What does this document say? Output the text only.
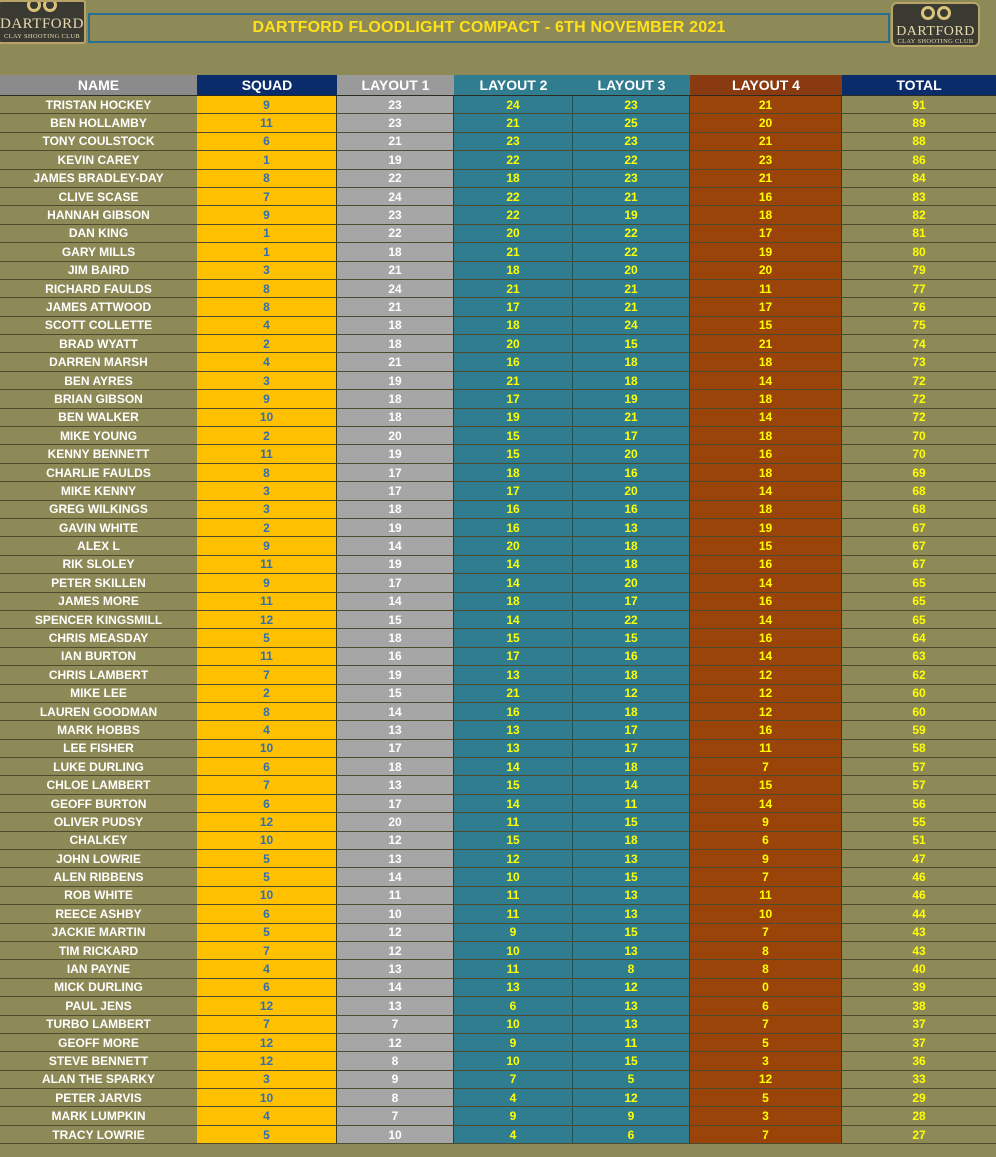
DARTFORD
CLAY SHOOTING CLUB
DARTFORD FLOODLIGHT COMPACT - 6TH NOVEMBER 2021	DARTFORD
CLAY SHOOTING CLUB
NAME	SQUAD	LAYOUT 1	LAYOUT 2	LAYOUT 3	LAYOUT 4	TOTAL
TRISTAN HOCKEY	9	23	24	23	21	91
BEN HOLLAMBY	11	23	21	25	20	89
TONY COULSTOCK	6	21	23	23	21	88
KEVIN CAREY	1	19	22	22	23	86
JAMES BRADLEY-DAY	8	22	18	23	21	84
CLIVE SCASE	7	24	22	21	16	83
HANNAH GIBSON	9	23	22	19	18	82
DAN KING	1	22	20	22	17	81
GARY MILLS	1	18	21	22	19	80
JIM BAIRD	3	21	18	20	20	79
RICHARD FAULDS	8	24	21	21	11	77
JAMES ATTWOOD	8	21	17	21	17	76
SCOTT COLLETTE	4	18	18	24	15	75
BRAD WYATT	2	18	20	15	21	74
DARREN MARSH	4	21	16	18	18	73
BEN AYRES	3	19	21	18	14	72
BRIAN GIBSON	9	18	17	19	18	72
BEN WALKER	10	18	19	21	14	72
MIKE YOUNG	2	20	15	17	18	70
KENNY BENNETT	11	19	15	20	16	70
CHARLIE FAULDS	8	17	18	16	18	69
MIKE KENNY	3	17	17	20	14	68
GREG WILKINGS	3	18	16	16	18	68
GAVIN WHITE	2	19	16	13	19	67
ALEX L	9	14	20	18	15	67
RIK SLOLEY	11	19	14	18	16	67
PETER SKILLEN	9	17	14	20	14	65
JAMES MORE	11	14	18	17	16	65
SPENCER KINGSMILL	12	15	14	22	14	65
CHRIS MEASDAY	5	18	15	15	16	64
IAN BURTON	11	16	17	16	14	63
CHRIS LAMBERT	7	19	13	18	12	62
MIKE LEE	2	15	21	12	12	60
LAUREN GOODMAN	8	14	16	18	12	60
MARK HOBBS	4	13	13	17	16	59
LEE FISHER	10	17	13	17	11	58
LUKE DURLING	6	18	14	18	7	57
CHLOE LAMBERT	7	13	15	14	15	57
GEOFF BURTON	6	17	14	11	14	56
OLIVER PUDSY	12	20	11	15	9	55
CHALKEY	10	12	15	18	6	51
JOHN LOWRIE	5	13	12	13	9	47
ALEN RIBBENS	5	14	10	15	7	46
ROB WHITE	10	11	11	13	11	46
REECE ASHBY	6	10	11	13	10	44
JACKIE MARTIN	5	12	9	15	7	43
TIM RICKARD	7	12	10	13	8	43
IAN PAYNE	4	13	11	8	8	40
MICK DURLING	6	14	13	12	0	39
PAUL JENS	12	13	6	13	6	38
TURBO LAMBERT	7	7	10	13	7	37
GEOFF MORE	12	12	9	11	5	37
STEVE BENNETT	12	8	10	15	3	36
ALAN THE SPARKY	3	9	7	5	12	33
PETER JARVIS	10	8	4	12	5	29
MARK LUMPKIN	4	7	9	9	3	28
TRACY LOWRIE	5	10	4	6	7	27
